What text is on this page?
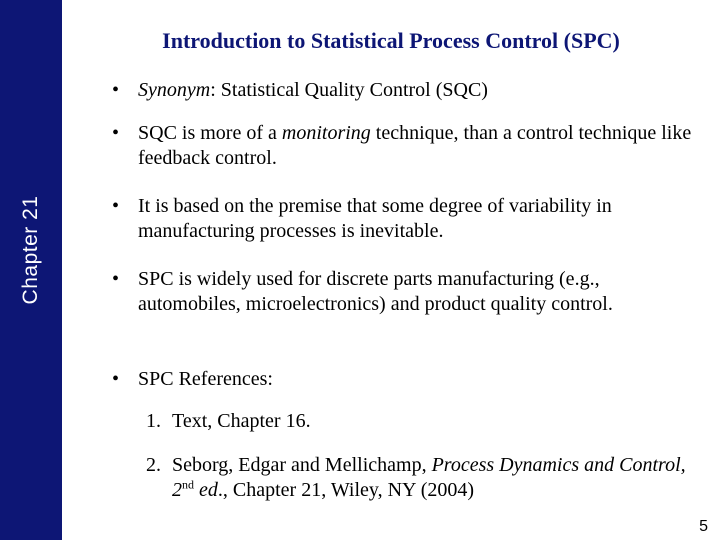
Chapter 21
Introduction to Statistical Process Control (SPC)
• Synonym: Statistical Quality Control (SQC)
• SQC is more of a monitoring technique, than a control technique like feedback control.
• It is based on the premise that some degree of variability in manufacturing processes is inevitable.
• SPC is widely used for discrete parts manufacturing (e.g., automobiles, microelectronics) and product quality control.
• SPC References:
1. Text, Chapter 16.
2. Seborg, Edgar and Mellichamp, Process Dynamics and Control, 2nd ed., Chapter 21, Wiley, NY (2004)
5
